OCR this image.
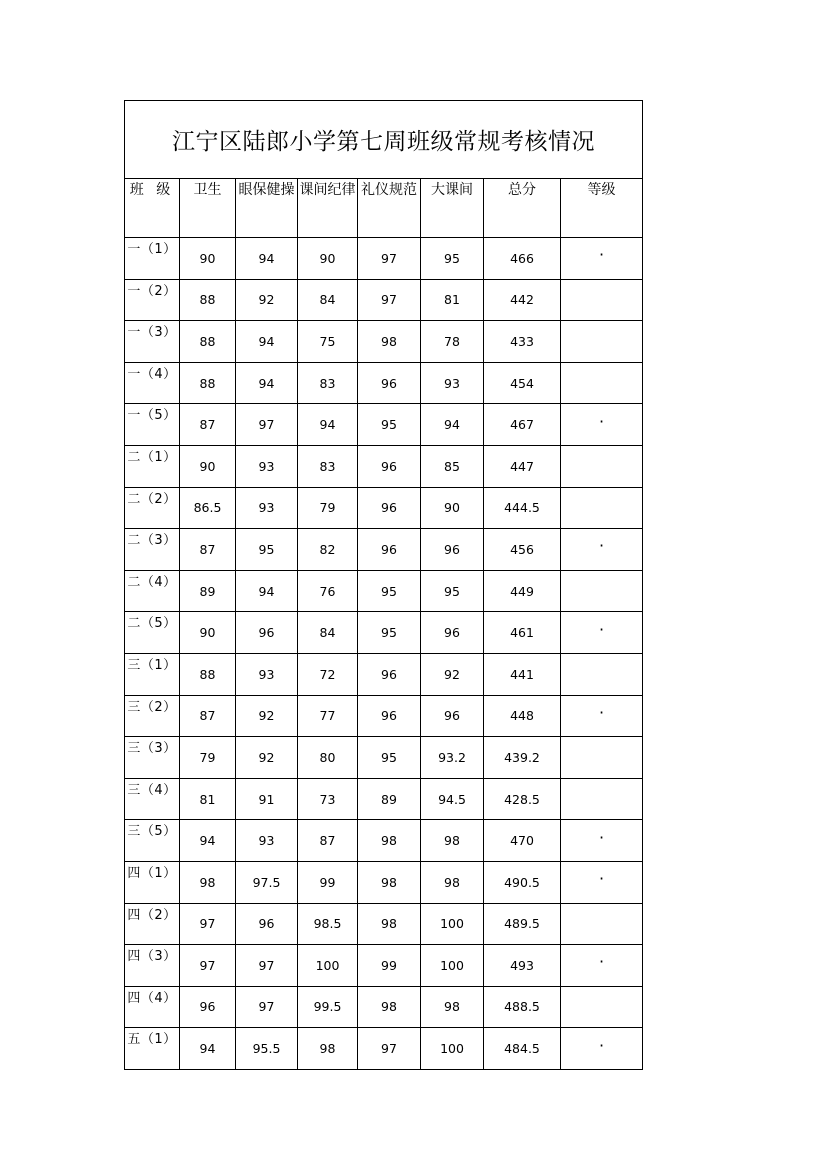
江宁区陆郎小学第七周班级常规考核情况							
班 级	卫生	眼保健操	课间纪律	礼仪规范	大课间	总分	等级
一（1）	90	94	90	97	95	466	·
一（2）	88	92	84	97	81	442	
一（3）	88	94	75	98	78	433	
一（4）	88	94	83	96	93	454	
一（5）	87	97	94	95	94	467	·
二（1）	90	93	83	96	85	447	
二（2）	86.5	93	79	96	90	444.5	
二（3）	87	95	82	96	96	456	·
二（4）	89	94	76	95	95	449	
二（5）	90	96	84	95	96	461	·
三（1）	88	93	72	96	92	441	
三（2）	87	92	77	96	96	448	·
三（3）	79	92	80	95	93.2	439.2	
三（4）	81	91	73	89	94.5	428.5	
三（5）	94	93	87	98	98	470	·
四（1）	98	97.5	99	98	98	490.5	·
四（2）	97	96	98.5	98	100	489.5	
四（3）	97	97	100	99	100	493	·
四（4）	96	97	99.5	98	98	488.5	
五（1）	94	95.5	98	97	100	484.5	·
